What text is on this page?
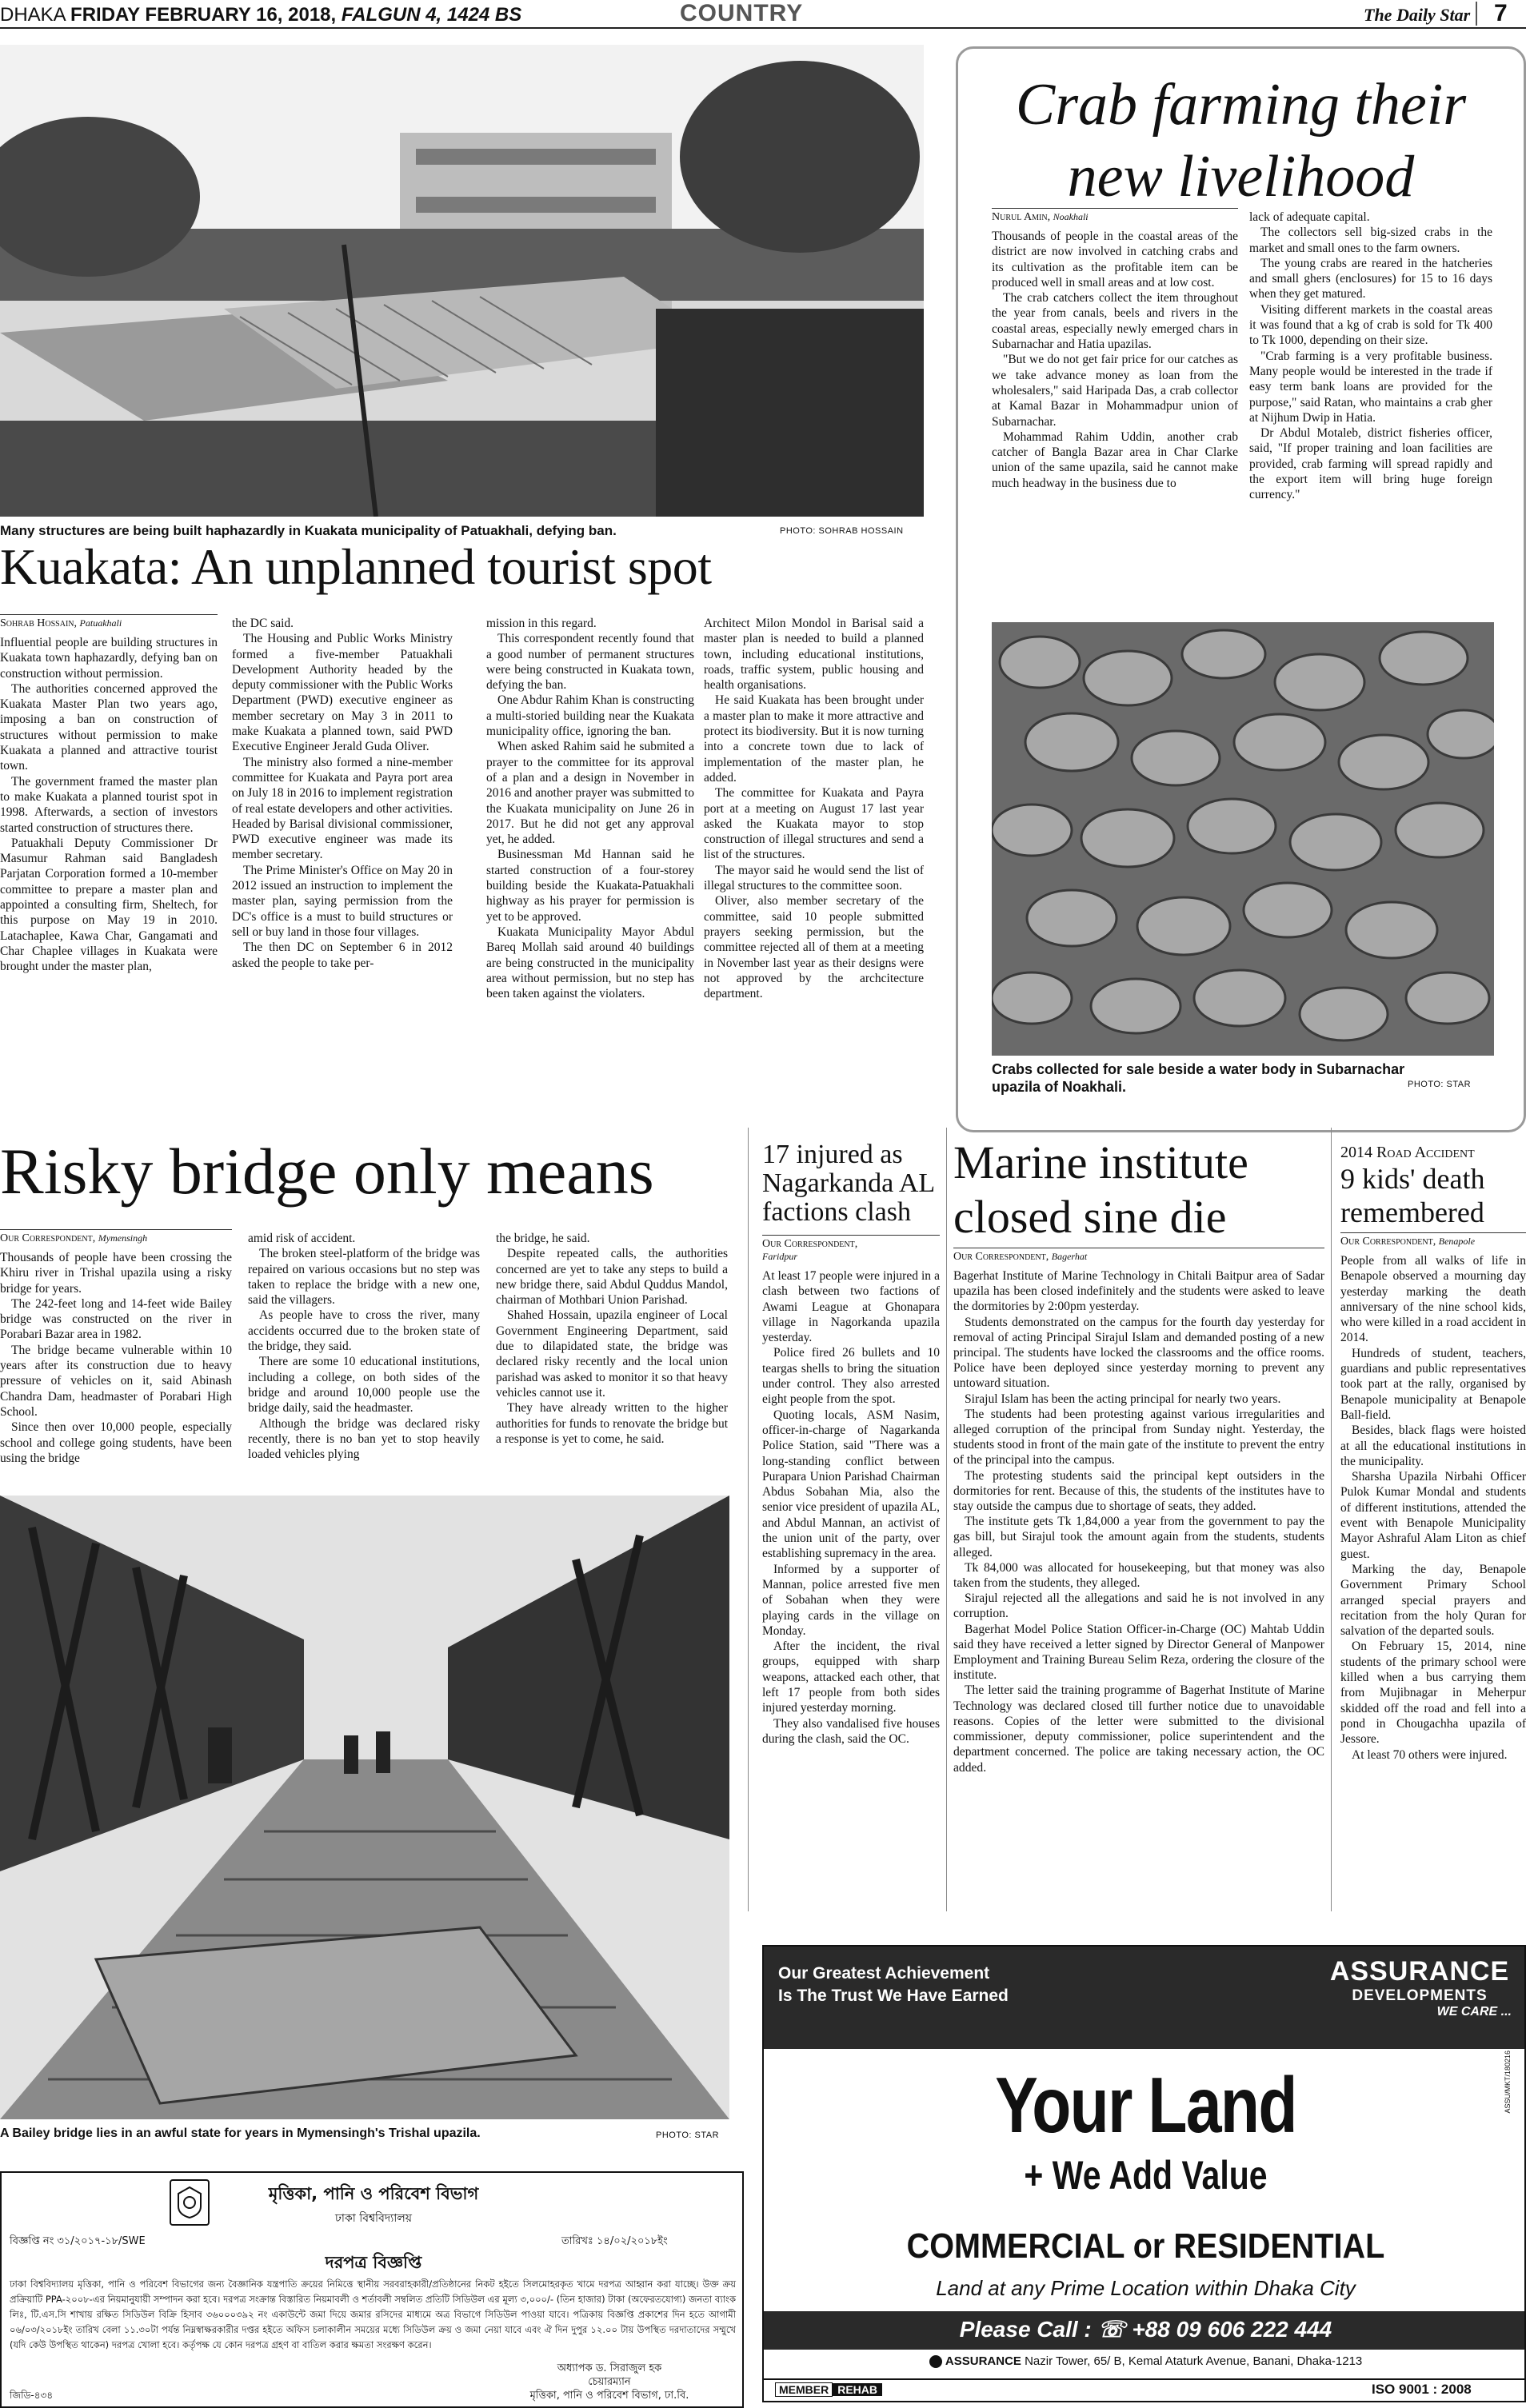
DHAKA FRIDAY FEBRUARY 16, 2018, FALGUN 4, 1424 BS	COUNTRY	The Daily Star 7
Many structures are being built haphazardly in Kuakata municipality of Patuakhali, defying ban.	PHOTO: SOHRAB HOSSAIN
Kuakata: An unplanned tourist spot
Sohrab Hossain, Patuakhali

Influential people are building structures in Kuakata town haphazardly, defying ban on construction without permission.

The authorities concerned approved the Kuakata Master Plan two years ago, imposing a ban on construction of structures without permission to make Kuakata a planned and attractive tourist town.

The government framed the master plan to make Kuakata a planned tourist spot in 1998. Afterwards, a section of investors started construction of structures there.

Patuakhali Deputy Commissioner Dr Masumur Rahman said Bangladesh Parjatan Corporation formed a 10-member committee to prepare a master plan and appointed a consulting firm, Sheltech, for this purpose on May 19 in 2010. Latachaplee, Kawa Char, Gangamati and Char Chaplee villages in Kuakata were brought under the master plan,

the DC said.

The Housing and Public Works Ministry formed a five-member Patuakhali Development Authority headed by the deputy commissioner with the Public Works Department (PWD) executive engineer as member secretary on May 3 in 2011 to make Kuakata a planned town, said PWD Executive Engineer Jerald Guda Oliver.

The ministry also formed a nine-member committee for Kuakata and Payra port area on July 18 in 2016 to implement registration of real estate developers and other activities. Headed by Barisal divisional commissioner, PWD executive engineer was made its member secretary.

The Prime Minister's Office on May 20 in 2012 issued an instruction to implement the master plan, saying permission from the DC's office is a must to build structures or sell or buy land in those four villages.

The then DC on September 6 in 2012 asked the people to take per-

mission in this regard.

This correspondent recently found that a good number of permanent structures were being constructed in Kuakata town, defying the ban.

One Abdur Rahim Khan is constructing a multi-storied building near the Kuakata municipality office, ignoring the ban.

When asked Rahim said he submited a prayer to the committee for its approval of a plan and a design in November in 2016 and another prayer was submitted to the Kuakata municipality on June 26 in 2017. But he did not get any approval yet, he added.

Businessman Md Hannan said he started construction of a four-storey building beside the Kuakata-Patuakhali highway as his prayer for permission is yet to be approved.

Kuakata Municipality Mayor Abdul Bareq Mollah said around 40 buildings are being constructed in the municipality area without permission, but no step has been taken against the violaters.

Architect Milon Mondol in Barisal said a master plan is needed to build a planned town, including educational institutions, roads, traffic system, public housing and health organisations.

He said Kuakata has been brought under a master plan to make it more attractive and protect its biodiversity. But it is now turning into a concrete town due to lack of implementation of the master plan, he added.

The committee for Kuakata and Payra port at a meeting on August 17 last year asked the Kuakata mayor to stop construction of illegal structures and send a list of the structures.

The mayor said he would send the list of illegal structures to the committee soon.

Oliver, also member secretary of the committee, said 10 people submitted prayers seeking permission, but the committee rejected all of them at a meeting in November last year as their designs were not approved by the archcitecture department.

Crab farming their
new livelihood
Nurul Amin, Noakhali

Thousands of people in the coastal areas of the district are now involved in catching crabs and its cultivation as the profitable item can be produced well in small areas and at low cost.

The crab catchers collect the item throughout the year from canals, beels and rivers in the coastal areas, especially newly emerged chars in Subarnachar and Hatia upazilas.

"But we do not get fair price for our catches as we take advance money as loan from the wholesalers," said Haripada Das, a crab collector at Kamal Bazar in Mohammadpur union of Subarnachar.

Mohammad Rahim Uddin, another crab catcher of Bangla Bazar area in Char Clarke union of the same upazila, said he cannot make much headway in the business due to

lack of adequate capital.

The collectors sell big-sized crabs in the market and small ones to the farm owners.

The young crabs are reared in the hatcheries and small ghers (enclosures) for 15 to 16 days when they get matured.

Visiting different markets in the coastal areas it was found that a kg of crab is sold for Tk 400 to Tk 1000, depending on their size.

"Crab farming is a very profitable business. Many people would be interested in the trade if easy term bank loans are provided for the purpose," said Ratan, who maintains a crab gher at Nijhum Dwip in Hatia.

Dr Abdul Motaleb, district fisheries officer, said, "If proper training and loan facilities are provided, crab farming will spread rapidly and the export item will bring huge foreign currency."

Crabs collected for sale beside a water body in Subarnachar upazila of Noakhali.	PHOTO: STAR
Risky bridge only means
Our Correspondent, Mymensingh

Thousands of people have been crossing the Khiru river in Trishal upazila using a risky bridge for years.

The 242-feet long and 14-feet wide Bailey bridge was constructed on the river in Porabari Bazar area in 1982.

The bridge became vulnerable within 10 years after its construction due to heavy pressure of vehicles on it, said Abinash Chandra Dam, headmaster of Porabari High School.

Since then over 10,000 people, especially school and college going students, have been using the bridge

amid risk of accident.

The broken steel-platform of the bridge was repaired on various occasions but no step was taken to replace the bridge with a new one, said the villagers.

As people have to cross the river, many accidents occurred due to the broken state of the bridge, they said.

There are some 10 educational institutions, including a college, on both sides of the bridge and around 10,000 people use the bridge daily, said the headmaster.

Although the bridge was declared risky recently, there is no ban yet to stop heavily loaded vehicles plying

the bridge, he said.

Despite repeated calls, the authorities concerned are yet to take any steps to build a new bridge there, said Abdul Quddus Mandol, chairman of Mothbari Union Parishad.

Shahed Hossain, upazila engineer of Local Government Engineering Department, said due to dilapidated state, the bridge was declared risky recently and the local union parishad was asked to monitor it so that heavy vehicles cannot use it.

They have already written to the higher authorities for funds to renovate the bridge but a response is yet to come, he said.

A Bailey bridge lies in an awful state for years in Mymensingh's Trishal upazila.	PHOTO: STAR
17 injured as Nagarkanda AL factions clash
Our Correspondent,
Faridpur

At least 17 people were injured in a clash between two factions of Awami League at Ghonapara village in Nagorkanda upazila yesterday.

Police fired 26 bullets and 10 teargas shells to bring the situation under control. They also arrested eight people from the spot.

Quoting locals, ASM Nasim, officer-in-charge of Nagarkanda Police Station, said "There was a long-standing conflict between Purapara Union Parishad Chairman Abdus Sobahan Mia, also the senior vice president of upazila AL, and Abdul Mannan, an activist of the union unit of the party, over establishing supremacy in the area.

Informed by a supporter of Mannan, police arrested five men of Sobahan when they were playing cards in the village on Monday.

After the incident, the rival groups, equipped with sharp weapons, attacked each other, that left 17 people from both sides injured yesterday morning.

They also vandalised five houses during the clash, said the OC.

Marine institute
closed sine die
Our Correspondent, Bagerhat

Bagerhat Institute of Marine Technology in Chitali Baitpur area of Sadar upazila has been closed indefinitely and the students were asked to leave the dormitories by 2:00pm yesterday.

Students demonstrated on the campus for the fourth day yesterday for removal of acting Principal Sirajul Islam and demanded posting of a new principal. The students have locked the classrooms and the office rooms. Police have been deployed since yesterday morning to prevent any untoward situation.

Sirajul Islam has been the acting principal for nearly two years.

The students had been protesting against various irregularities and alleged corruption of the principal from Sunday night. Yesterday, the students stood in front of the main gate of the institute to prevent the entry of the principal into the campus.

The protesting students said the principal kept outsiders in the dormitories for rent. Because of this, the students of the institutes have to stay outside the campus due to shortage of seats, they added.

The institute gets Tk 1,84,000 a year from the government to pay the gas bill, but Sirajul took the amount again from the students, students alleged.

Tk 84,000 was allocated for housekeeping, but that money was also taken from the students, they alleged.

Sirajul rejected all the allegations and said he is not involved in any corruption.

Bagerhat Model Police Station Officer-in-Charge (OC) Mahtab Uddin said they have received a letter signed by Director General of Manpower Employment and Training Bureau Selim Reza, ordering the closure of the institute.

The letter said the training programme of Bagerhat Institute of Marine Technology was declared closed till further notice due to unavoidable reasons. Copies of the letter were submitted to the divisional commissioner, deputy commissioner, police superintendent and the department concerned. The police are taking necessary action, the OC added.

2014 Road Accident
9 kids' death
remembered
Our Correspondent, Benapole

People from all walks of life in Benapole observed a mourning day yesterday marking the death anniversary of the nine school kids, who were killed in a road accident in 2014.

Hundreds of student, teachers, guardians and public representatives took part at the rally, organised by Benapole municipality at Benapole Ball-field.

Besides, black flags were hoisted at all the educational institutions in the municipality.

Sharsha Upazila Nirbahi Officer Pulok Kumar Mondal and students of different institutions, attended the event with Benapole Municipality Mayor Ashraful Alam Liton as chief guest.

Marking the day, Benapole Government Primary School arranged special prayers and recitation from the holy Quran for salvation of the departed souls.

On February 15, 2014, nine students of the primary school were killed when a bus carrying them from Mujibnagar in Meherpur skidded off the road and fell into a pond in Chougachha upazila of Jessore.

At least 70 others were injured.

মৃত্তিকা, পানি ও পরিবেশ বিভাগ
ঢাকা বিশ্ববিদ্যালয়
বিজ্ঞপ্তি নং ৩১/২০১৭-১৮/SWE	তারিখঃ ১৪/০২/২০১৮ইং
দরপত্র বিজ্ঞপ্তি
ঢাকা বিশ্ববিদ্যালয় মৃত্তিকা, পানি ও পরিবেশ বিভাগের জন্য বৈজ্ঞানিক যন্ত্রপাতি ক্রয়ের নিমিত্তে স্থানীয় সরবরাহকারী/প্রতিষ্ঠানের নিকট হইতে সিলমোহরকৃত খামে দরপত্র আহ্বান করা যাচ্ছে। উক্ত ক্রয় প্রক্রিয়াটি PPA-২০০৮-এর নিয়মানুযায়ী সম্পাদন করা হবে। দরপত্র সংক্রান্ত বিস্তারিত নিয়মাবলী ও শর্তাবলী সম্বলিত প্রতিটি সিডিউল এর মূল্য ৩,০০০/- (তিন হাজার) টাকা (অফেরতযোগ্য) জনতা ব্যাংক লিঃ, টি.এস.সি শাখায় রক্ষিত সিডিউল বিক্রি হিসাব ৩৬০০০৩৯২ নং একাউন্টে জমা দিয়ে জমার রসিদের মাধ্যমে অত্র বিভাগে সিডিউল পাওয়া যাবে। পত্রিকায় বিজ্ঞপ্তি প্রকাশের দিন হতে আগামী ০৬/০৩/২০১৮ইং তারিখ বেলা ১১.৩০টা পর্যন্ত নিম্নস্বাক্ষরকারীর দপ্তর হইতে অফিস চলাকালীন সময়ের মধ্যে সিডিউল ক্রয় ও জমা নেয়া যাবে এবং ঐ দিন দুপুর ১২.০০ টায় উপস্থিত দরদাতাদের সম্মুখে (যদি কেউ উপস্থিত থাকেন) দরপত্র খোলা হবে। কর্তৃপক্ষ যে কোন দরপত্র গ্রহণ বা বাতিল করার ক্ষমতা সংরক্ষণ করেন।
অধ্যাপক ড. সিরাজুল হক
চেয়ারম্যান
মৃত্তিকা, পানি ও পরিবেশ বিভাগ, ঢা.বি.
জিডি-৪৩৪
Our Greatest Achievement
Is The Trust We Have Earned
ASSURANCE
DEVELOPMENTS
WE CARE ...
Your Land
+ We Add Value
COMMERCIAL or RESIDENTIAL
Land at any Prime Location within Dhaka City
Please Call : ☏ +88 09 606 222 444
ASSURANCE Nazir Tower, 65/ B, Kemal Ataturk Avenue, Banani, Dhaka-1213
MEMBER REHAB	ISO 9001 : 2008
ASSU/MKT/180216
